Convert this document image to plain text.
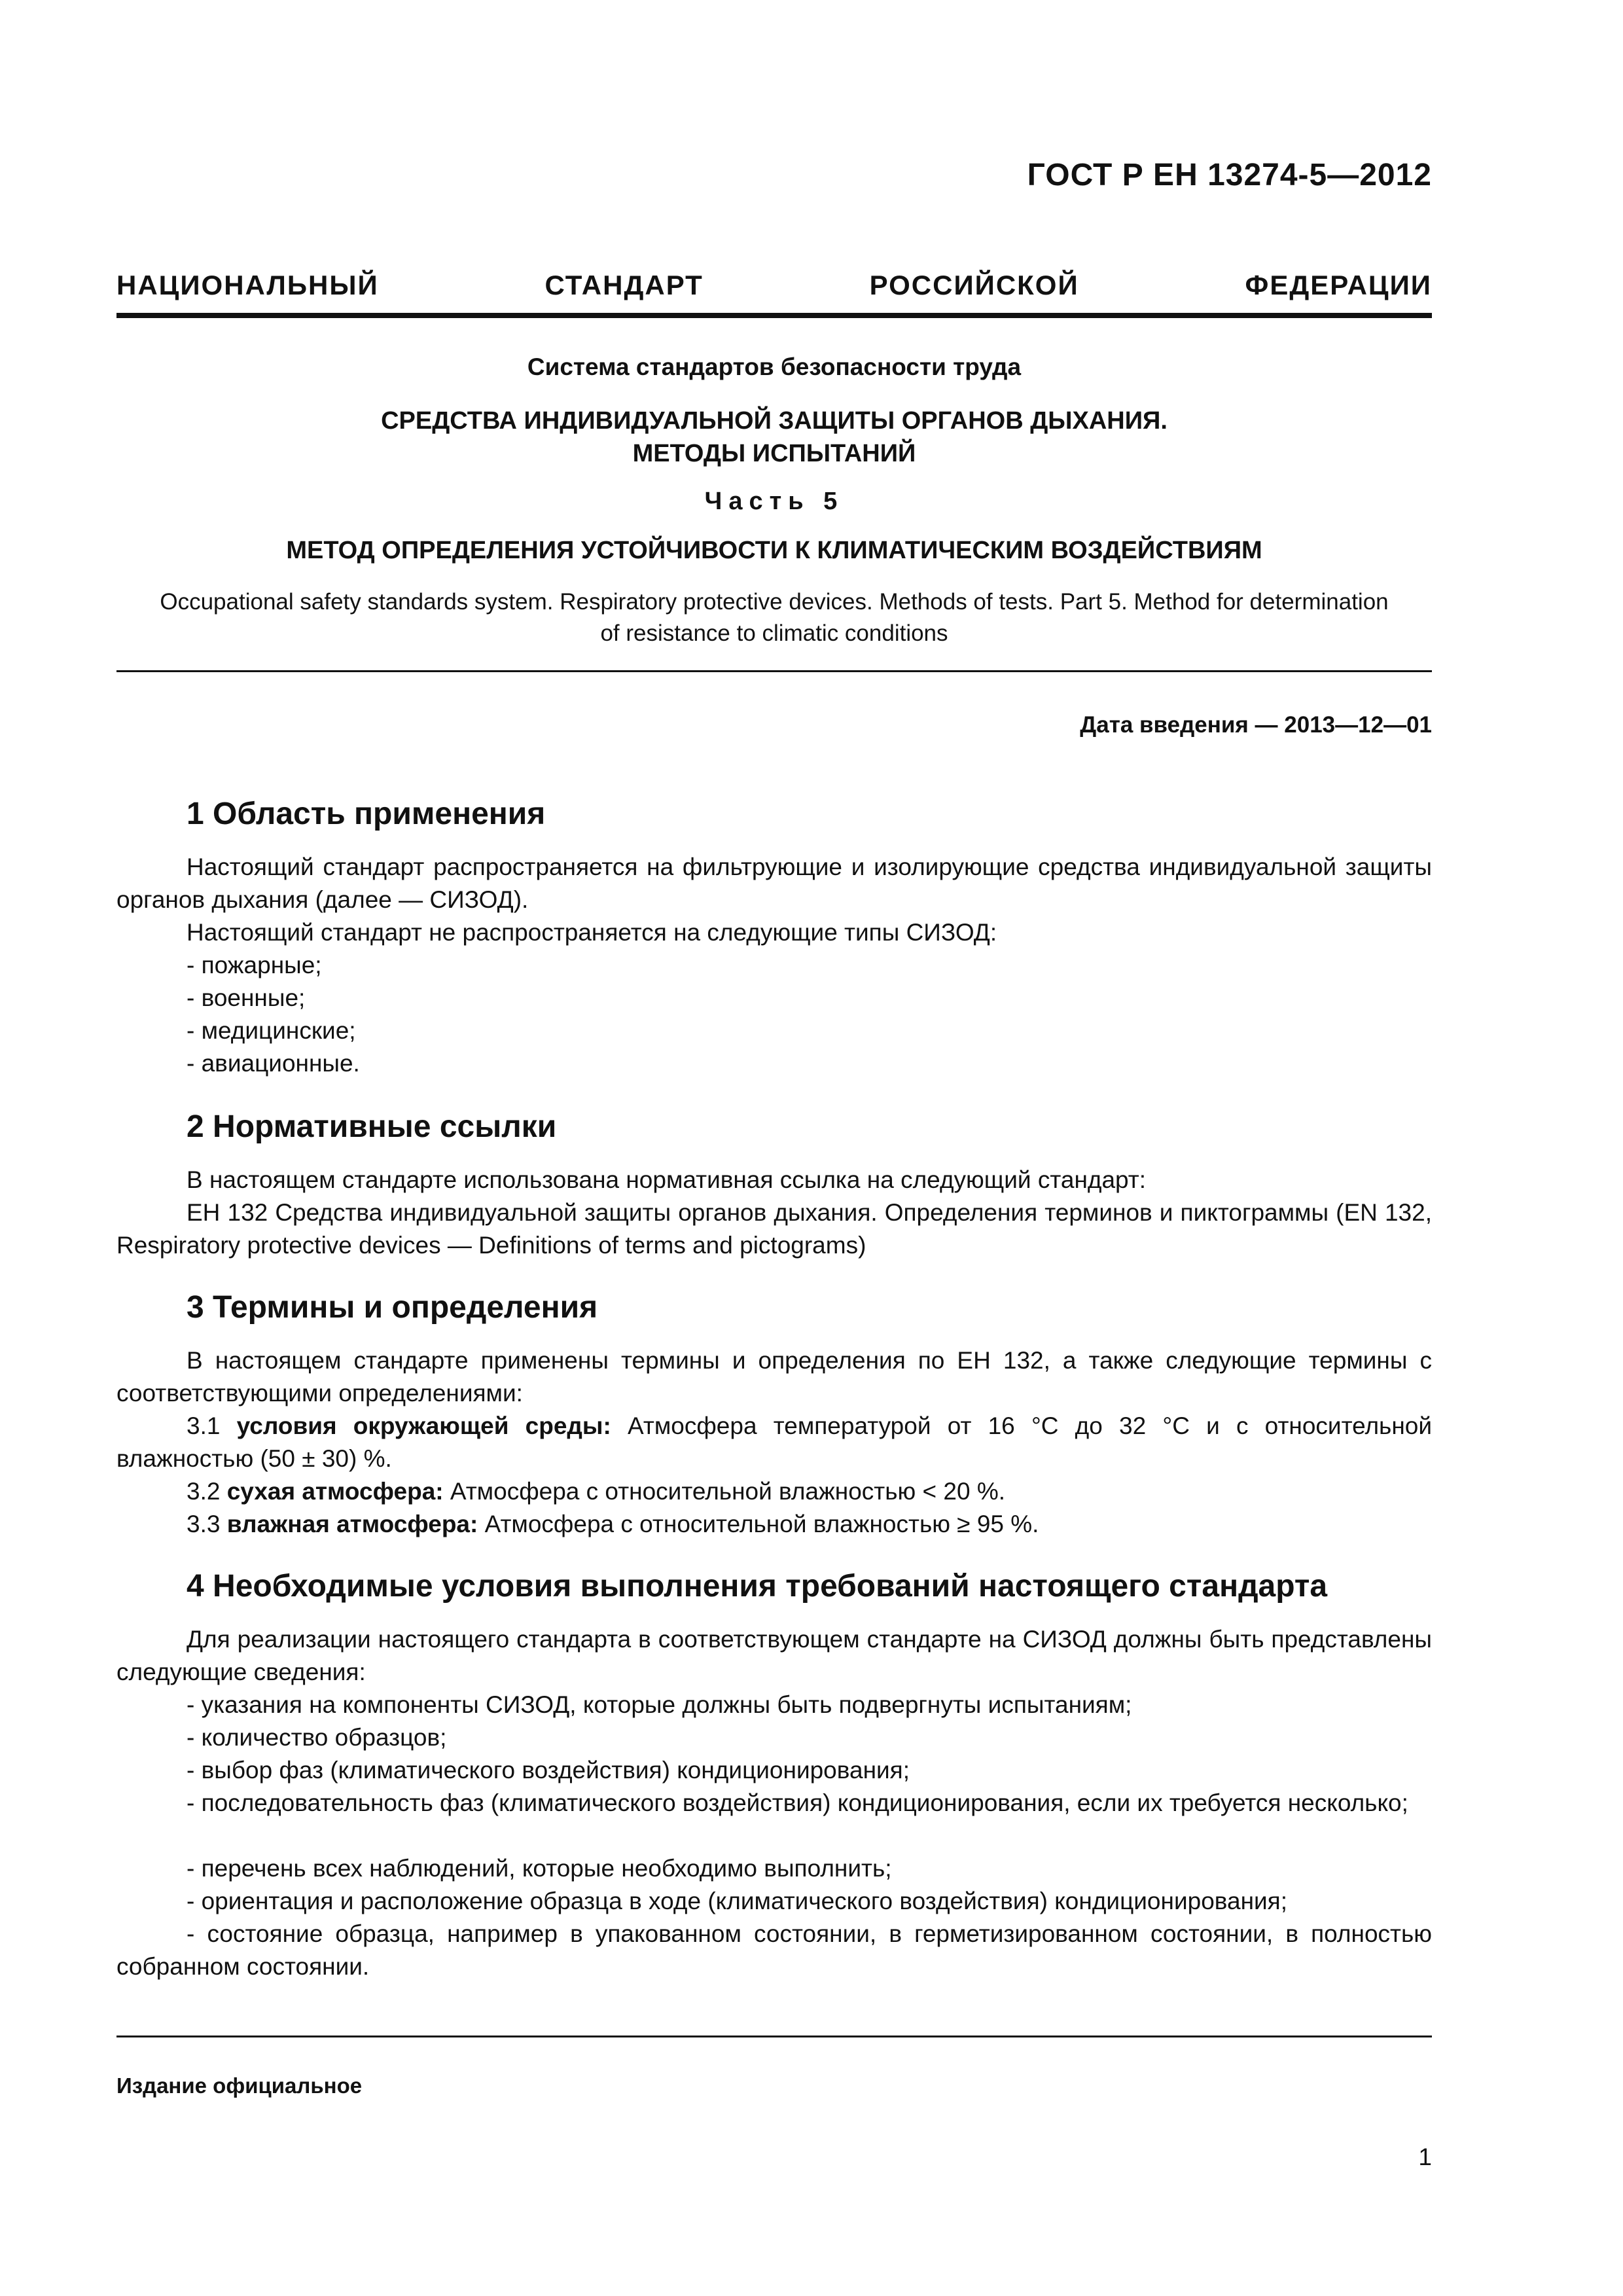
ГОСТ Р ЕН 13274-5—2012
НАЦИОНАЛЬНЫЙ СТАНДАРТ РОССИЙСКОЙ ФЕДЕРАЦИИ
Система стандартов безопасности труда
СРЕДСТВА ИНДИВИДУАЛЬНОЙ ЗАЩИТЫ ОРГАНОВ ДЫХАНИЯ.
МЕТОДЫ ИСПЫТАНИЙ
Часть 5
МЕТОД ОПРЕДЕЛЕНИЯ УСТОЙЧИВОСТИ К КЛИМАТИЧЕСКИМ ВОЗДЕЙСТВИЯМ
Occupational safety standards system. Respiratory protective devices. Methods of tests. Part 5. Method for determination
of resistance to climatic conditions
Дата введения — 2013—12—01
1 Область применения

Настоящий стандарт распространяется на фильтрующие и изолирующие средства индивидуальной защиты органов дыхания (далее — СИЗОД).

Настоящий стандарт не распространяется на следующие типы СИЗОД:

- пожарные;
- военные;
- медицинские;
- авиационные.
2 Нормативные ссылки

В настоящем стандарте использована нормативная ссылка на следующий стандарт:

ЕН 132 Средства индивидуальной защиты органов дыхания. Определения терминов и пиктограммы (EN 132, Respiratory protective devices — Definitions of terms and pictograms)

3 Термины и определения

В настоящем стандарте применены термины и определения по ЕН 132, а также следующие термины с соответствующими определениями:

3.1 условия окружающей среды: Атмосфера температурой от 16 °С до 32 °С и с относительной влажностью (50 ± 30) %.

3.2 сухая атмосфера: Атмосфера с относительной влажностью < 20 %.

3.3 влажная атмосфера: Атмосфера с относительной влажностью ≥ 95 %.

4 Необходимые условия выполнения требований настоящего стандарта

Для реализации настоящего стандарта в соответствующем стандарте на СИЗОД должны быть представлены следующие сведения:

- указания на компоненты СИЗОД, которые должны быть подвергнуты испытаниям;

- количество образцов;

- выбор фаз (климатического воздействия) кондиционирования;

- последовательность фаз (климатического воздействия) кондиционирования, если их требуется несколько;

- перечень всех наблюдений, которые необходимо выполнить;

- ориентация и расположение образца в ходе (климатического воздействия) кондиционирования;

- состояние образца, например в упакованном состоянии, в герметизированном состоянии, в полностью собранном состоянии.

Издание официальное
1
